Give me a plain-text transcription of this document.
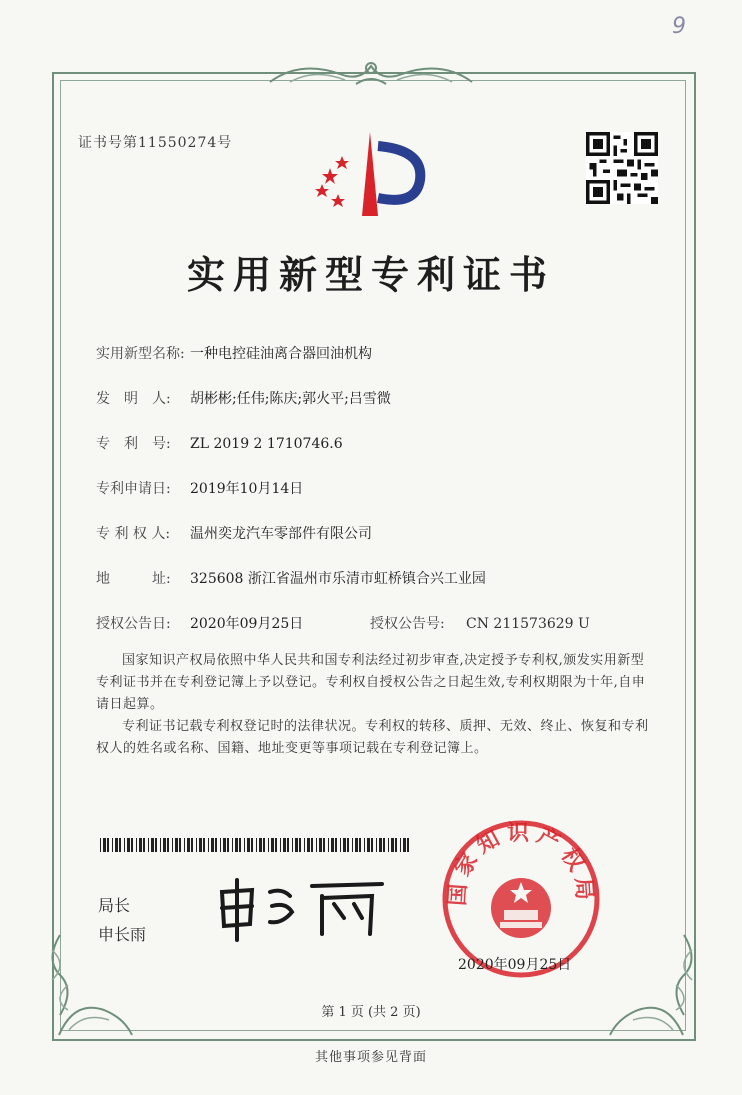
9
证书号第11550274号
实用新型专利证书
实用新型名称: 一种电控硅油离合器回油机构
发　明　人: 胡彬彬;任伟;陈庆;郭火平;吕雪微
专　利　号: ZL 2019 2 1710746.6
专利申请日: 2019年10月14日
专 利 权 人: 温州奕龙汽车零部件有限公司
地　　　址: 325608 浙江省温州市乐清市虹桥镇合兴工业园
授权公告日: 2020年09月25日	授权公告号: CN 211573629 U
国家知识产权局依照中华人民共和国专利法经过初步审查,决定授予专利权,颁发实用新型专利证书并在专利登记簿上予以登记。专利权自授权公告之日起生效,专利权期限为十年,自申请日起算。
专利证书记载专利权登记时的法律状况。专利权的转移、质押、无效、终止、恢复和专利权人的姓名或名称、国籍、地址变更等事项记载在专利登记簿上。
局长
申长雨
国家知识产权局
2020年09月25日
第 1 页 (共 2 页)
其他事项参见背面
